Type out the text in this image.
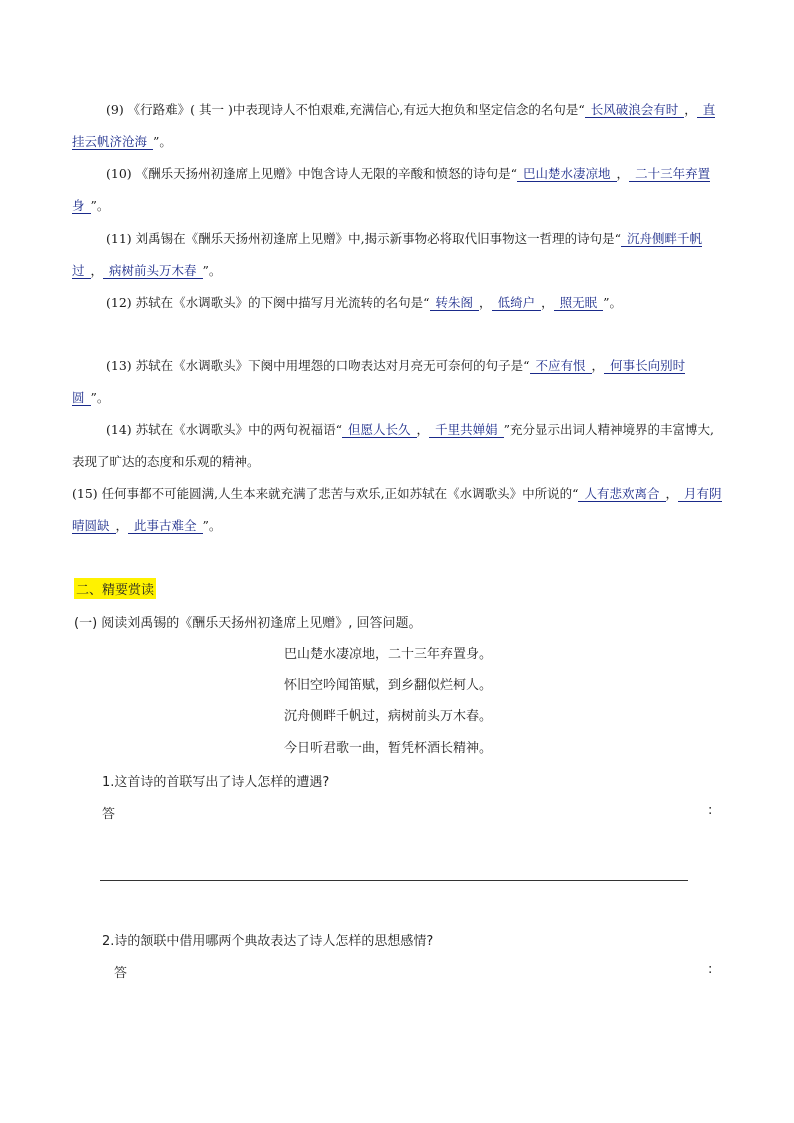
(9) 《行路难》( 其一 )中表现诗人不怕艰难,充满信心,有远大抱负和坚定信念的名句是“ 长风破浪会有时 ， 直挂云帆济沧海 ”。
(10) 《酬乐天扬州初逢席上见赠》中饱含诗人无限的辛酸和愤怒的诗句是“ 巴山楚水凄凉地 ， 二十三年弃置身 ”。
(11) 刘禹锡在《酬乐天扬州初逢席上见赠》中,揭示新事物必将取代旧事物这一哲理的诗句是“ 沉舟侧畔千帆过 ， 病树前头万木春 ”。
(12) 苏轼在《水调歌头》的下阕中描写月光流转的名句是“ 转朱阁 ， 低绮户 ， 照无眠 ”。
(13) 苏轼在《水调歌头》下阕中用埋怨的口吻表达对月亮无可奈何的句子是“ 不应有恨 ， 何事长向别时圆 ”。
(14) 苏轼在《水调歌头》中的两句祝福语“ 但愿人长久 ， 千里共婵娟 ”充分显示出词人精神境界的丰富博大,表现了旷达的态度和乐观的精神。
(15) 任何事都不可能圆满,人生本来就充满了悲苦与欢乐,正如苏轼在《水调歌头》中所说的“ 人有悲欢离合 ， 月有阴晴圆缺 ， 此事古难全 ”。
二、精要赏读
(一) 阅读刘禹锡的《酬乐天扬州初逢席上见赠》, 回答问题。
巴山楚水凄凉地，二十三年弃置身。
怀旧空吟闻笛赋，到乡翻似烂柯人。
沉舟侧畔千帆过，病树前头万木春。
今日听君歌一曲，暂凭杯酒长精神。
1.这首诗的首联写出了诗人怎样的遭遇?
答	:
2.诗的颔联中借用哪两个典故表达了诗人怎样的思想感情?
答	:
